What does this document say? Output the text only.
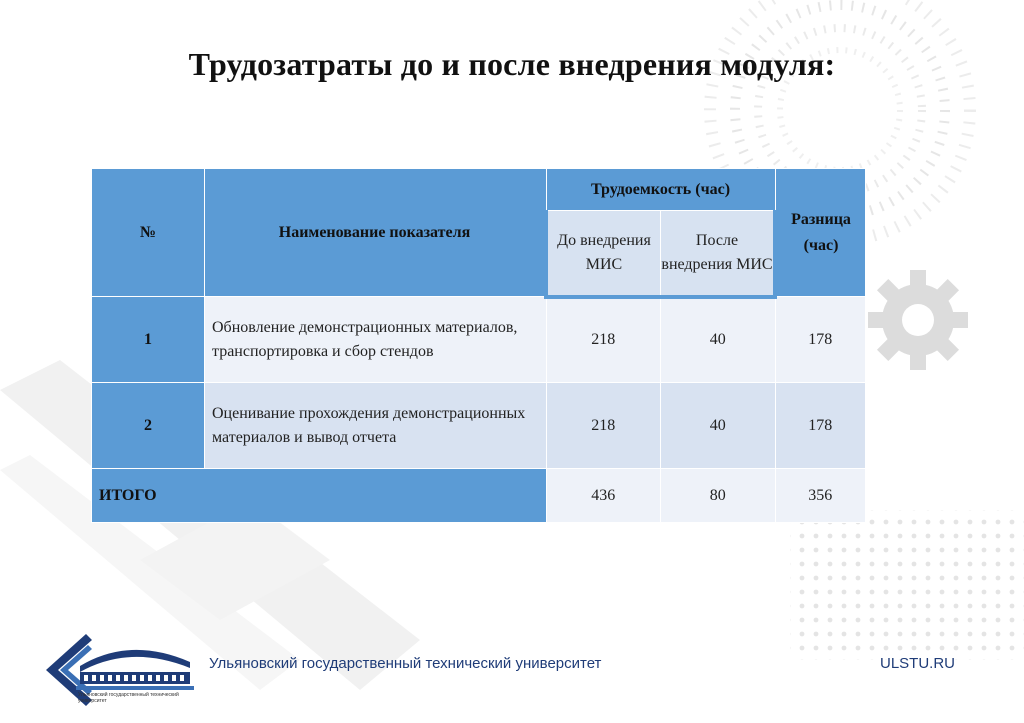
Трудозатраты до и после внедрения модуля:
№	Наименование показателя	Трудоемкость (час)		Разница (час)
		До внедрения МИС	После внедрения МИС	
1	Обновление демонстрационных материалов, транспортировка и сбор стендов	218	40	178
2	Оценивание прохождения демонстрационных материалов и вывод отчета	218	40	178
ИТОГО		436	80	356
Ульяновский государственный технический университет
Ульяновский государственный технический университет	ULSTU.RU
